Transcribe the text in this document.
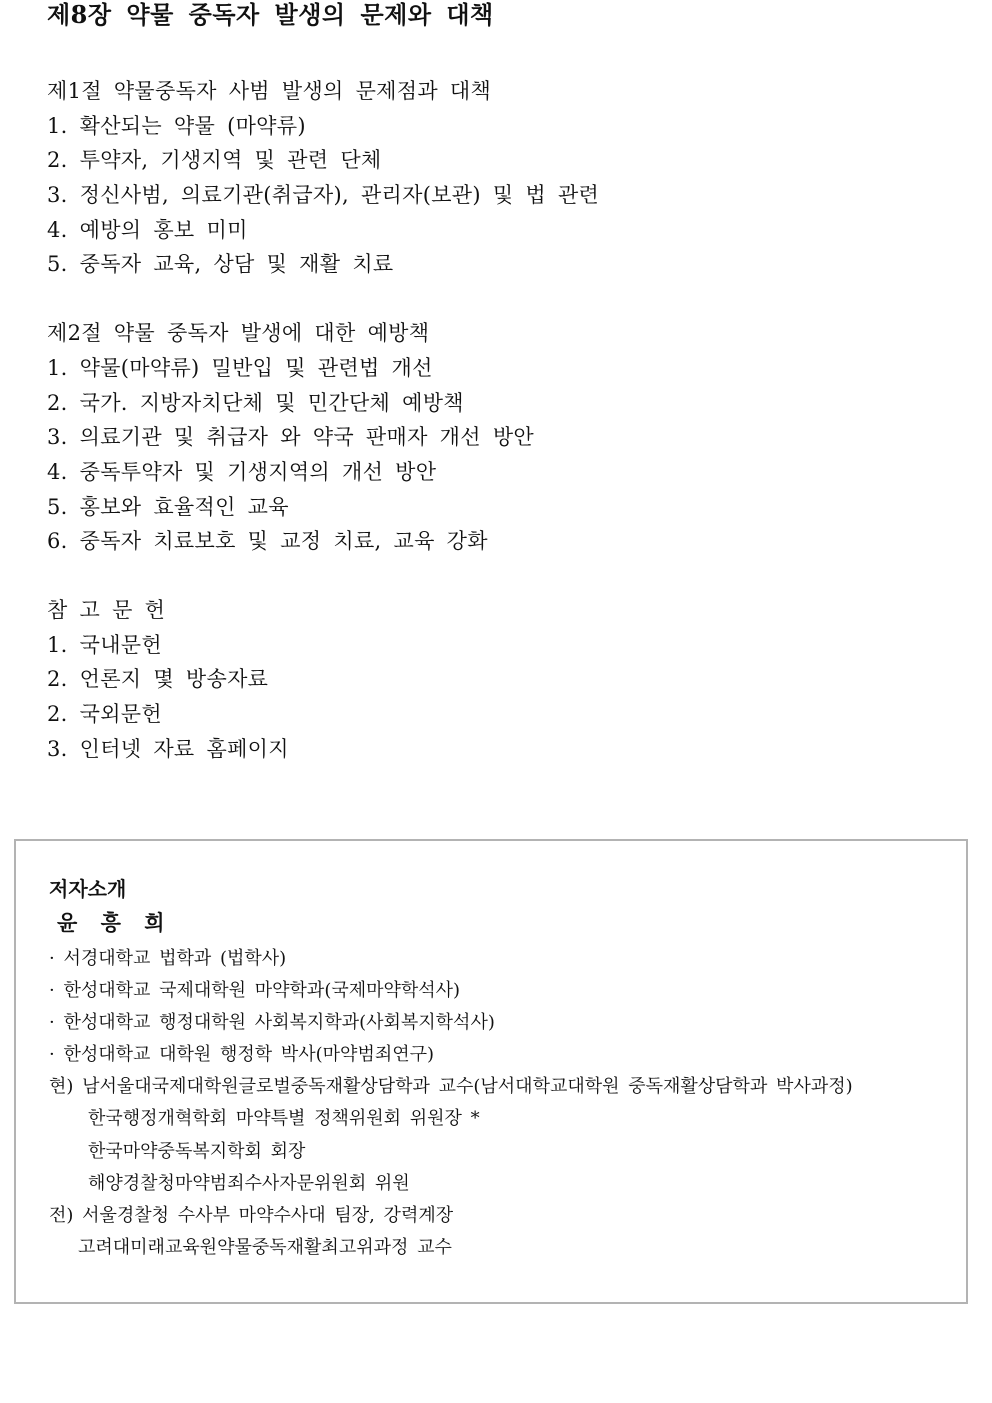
제8장 약물 중독자 발생의 문제와 대책
제1절 약물중독자 사범 발생의 문제점과 대책
1. 확산되는 약물 (마약류)
2. 투약자, 기생지역 및 관련 단체
3. 정신사범, 의료기관(취급자), 관리자(보관) 및 법 관련
4. 예방의 홍보 미미
5. 중독자 교육, 상담 및 재활 치료
제2절 약물 중독자 발생에 대한 예방책
1. 약물(마약류) 밀반입 및 관련법 개선
2. 국가. 지방자치단체 및 민간단체 예방책
3. 의료기관 및 취급자 와 약국 판매자 개선 방안
4. 중독투약자 및 기생지역의 개선 방안
5. 홍보와 효율적인 교육
6. 중독자 치료보호 및 교정 치료, 교육 강화
참 고 문 헌
1. 국내문헌
2. 언론지 몇 방송자료
2. 국외문헌
3. 인터넷 자료 홈페이지
저자소개
윤 흥 희
· 서경대학교 법학과 (법학사)
· 한성대학교 국제대학원 마약학과(국제마약학석사)
· 한성대학교 행정대학원 사회복지학과(사회복지학석사)
· 한성대학교 대학원 행정학 박사(마약범죄연구)
현) 남서울대국제대학원글로벌중독재활상담학과 교수(남서대학교대학원 중독재활상담학과 박사과정)
한국행정개혁학회 마약특별 정책위원회 위원장 *
한국마약중독복지학회 회장
해양경찰청마약범죄수사자문위원회 위원
전) 서울경찰청 수사부 마약수사대 팀장, 강력계장
고려대미래교육원약물중독재활최고위과정 교수
